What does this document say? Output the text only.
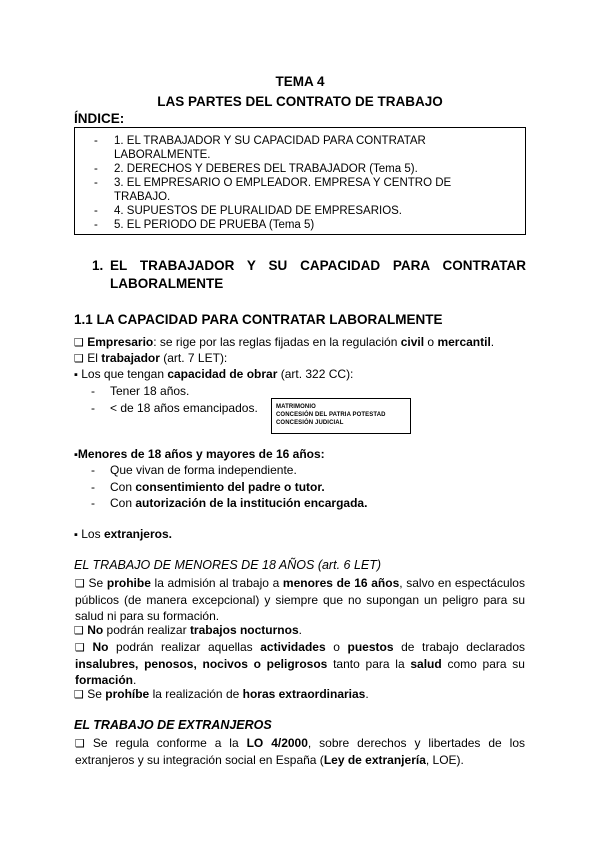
TEMA 4
LAS PARTES DEL CONTRATO DE TRABAJO
ÍNDICE:
- 1. EL TRABAJADOR Y SU CAPACIDAD PARA CONTRATAR
LABORALMENTE.
- 2. DERECHOS Y DEBERES DEL TRABAJADOR (Tema 5).
- 3. EL EMPRESARIO O EMPLEADOR. EMPRESA Y CENTRO DE
TRABAJO.
- 4. SUPUESTOS DE PLURALIDAD DE EMPRESARIOS.
- 5. EL PERIODO DE PRUEBA (Tema 5)
1. EL TRABAJADOR Y SU CAPACIDAD PARA CONTRATAR
LABORALMENTE
1.1 LA CAPACIDAD PARA CONTRATAR LABORALMENTE
❑ Empresario: se rige por las reglas fijadas en la regulación civil o mercantil.
❑ El trabajador (art. 7 LET):
▪ Los que tengan capacidad de obrar (art. 322 CC):
- Tener 18 años.
- < de 18 años emancipados.	MATRIMONIO
CONCESIÓN DEL PATRIA POTESTAD
CONCESIÓN JUDICIAL
▪Menores de 18 años y mayores de 16 años:
- Que vivan de forma independiente.
- Con consentimiento del padre o tutor.
- Con autorización de la institución encargada.
▪ Los extranjeros.
EL TRABAJO DE MENORES DE 18 AÑOS (art. 6 LET)
❑ Se prohibe la admisión al trabajo a menores de 16 años, salvo en espectáculos públicos (de manera excepcional) y siempre que no supongan un peligro para su salud ni para su formación.
❑ No podrán realizar trabajos nocturnos.
❑ No podrán realizar aquellas actividades o puestos de trabajo declarados insalubres, penosos, nocivos o peligrosos tanto para la salud como para su formación.
❑ Se prohíbe la realización de horas extraordinarias.
EL TRABAJO DE EXTRANJEROS
❑ Se regula conforme a la LO 4/2000, sobre derechos y libertades de los extranjeros y su integración social en España (Ley de extranjería, LOE).
